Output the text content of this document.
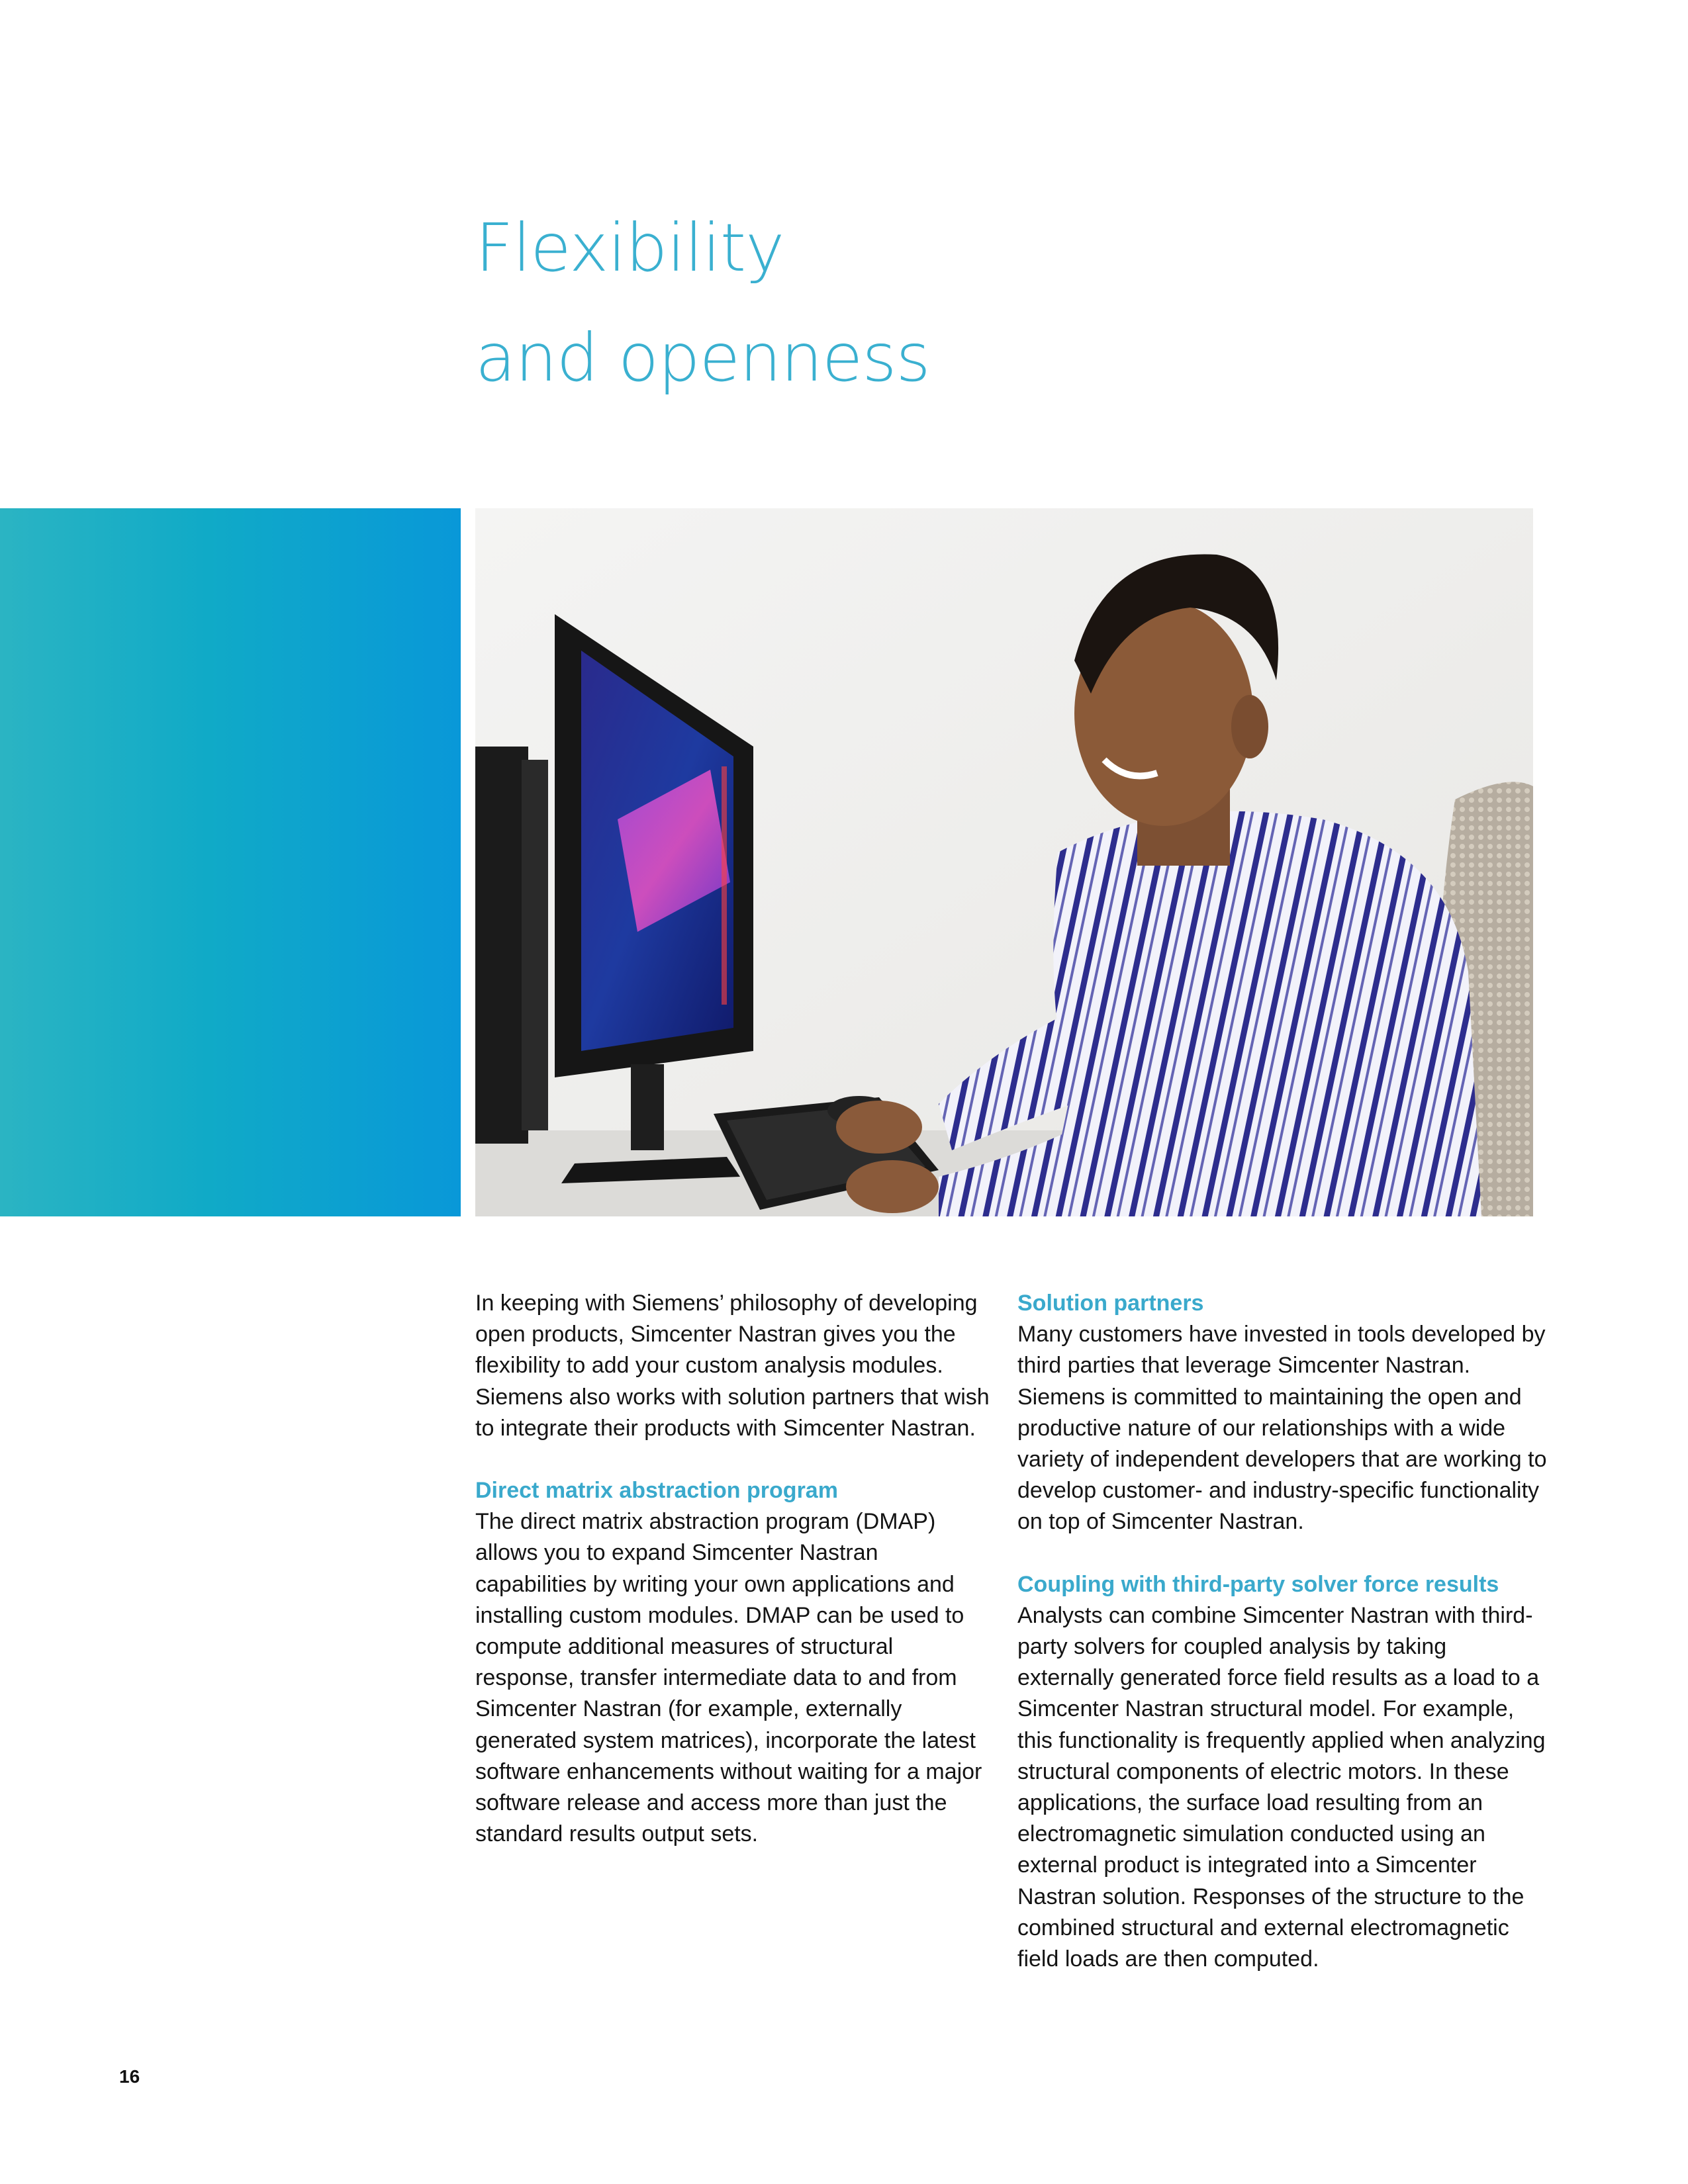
Flexibility
and openness

In keeping with Siemens’ philosophy of developing open products, Simcenter Nastran gives you the flexibility to add your custom analysis modules. Siemens also works with solution partners that wish to integrate their products with Simcenter Nastran.

Direct matrix abstraction program

The direct matrix abstraction program (DMAP) allows you to expand Simcenter Nastran capabilities by writing your own applications and installing custom modules. DMAP can be used to compute additional measures of structural response, transfer intermediate data to and from Simcenter Nastran (for example, externally generated system matrices), incorporate the latest software enhancements without waiting for a major software release and access more than just the standard results output sets.

Solution partners

Many customers have invested in tools developed by third parties that leverage Simcenter Nastran. Siemens is committed to maintaining the open and productive nature of our relationships with a wide variety of independent developers that are working to develop customer- and industry-specific functionality on top of Simcenter Nastran.

Coupling with third-party solver force results

Analysts can combine Simcenter Nastran with third-party solvers for coupled analysis by taking externally generated force field results as a load to a Simcenter Nastran structural model. For example, this functionality is frequently applied when analyzing structural components of electric motors. In these applications, the surface load resulting from an electromagnetic simulation conducted using an external product is integrated into a Simcenter Nastran solution. Responses of the structure to the combined structural and external electromagnetic field loads are then computed.

16
